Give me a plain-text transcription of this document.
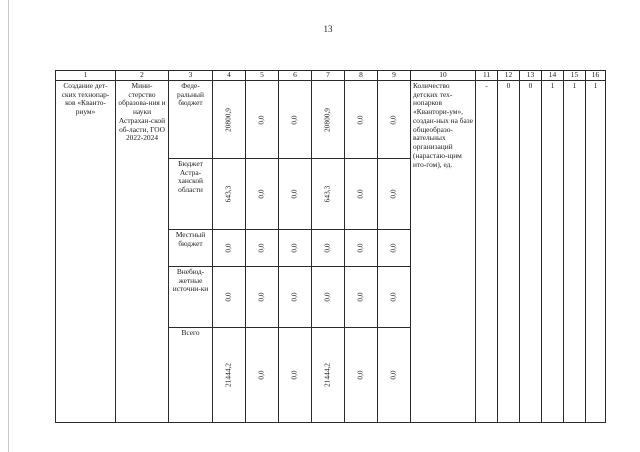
13
1	2	3	4	5	6	7	8	9	10	11	12	13	14	15	16
Создание дет-ских технопар-ков «Кванто-риум»	Мини-стерство образова-ния и науки Астрахан-ской об-ласти, ГОО 2022-2024	Феде-ральный бюджет	20800,9	0,0	0,0	20800,9	0,0	0,0	Количество детских тех-нопарков «Квантори-ум», создан-ных на базе общеобразо-вательных организаций (нарастаю-щим ито-гом), ед.	-	0	0	1	1	1
		Бюджет Астра-ханской области	643,3	0,0	0,0	643,3	0,0	0,0							

		Местный бюджет	0,0	0,0	0,0	0,0	0,0	0,0							

		Внебюд-жетные источни-ки	0,0	0,0	0,0	0,0	0,0	0,0							

		Всего	21444,2	0,0	0,0	21444,2	0,0	0,0							
